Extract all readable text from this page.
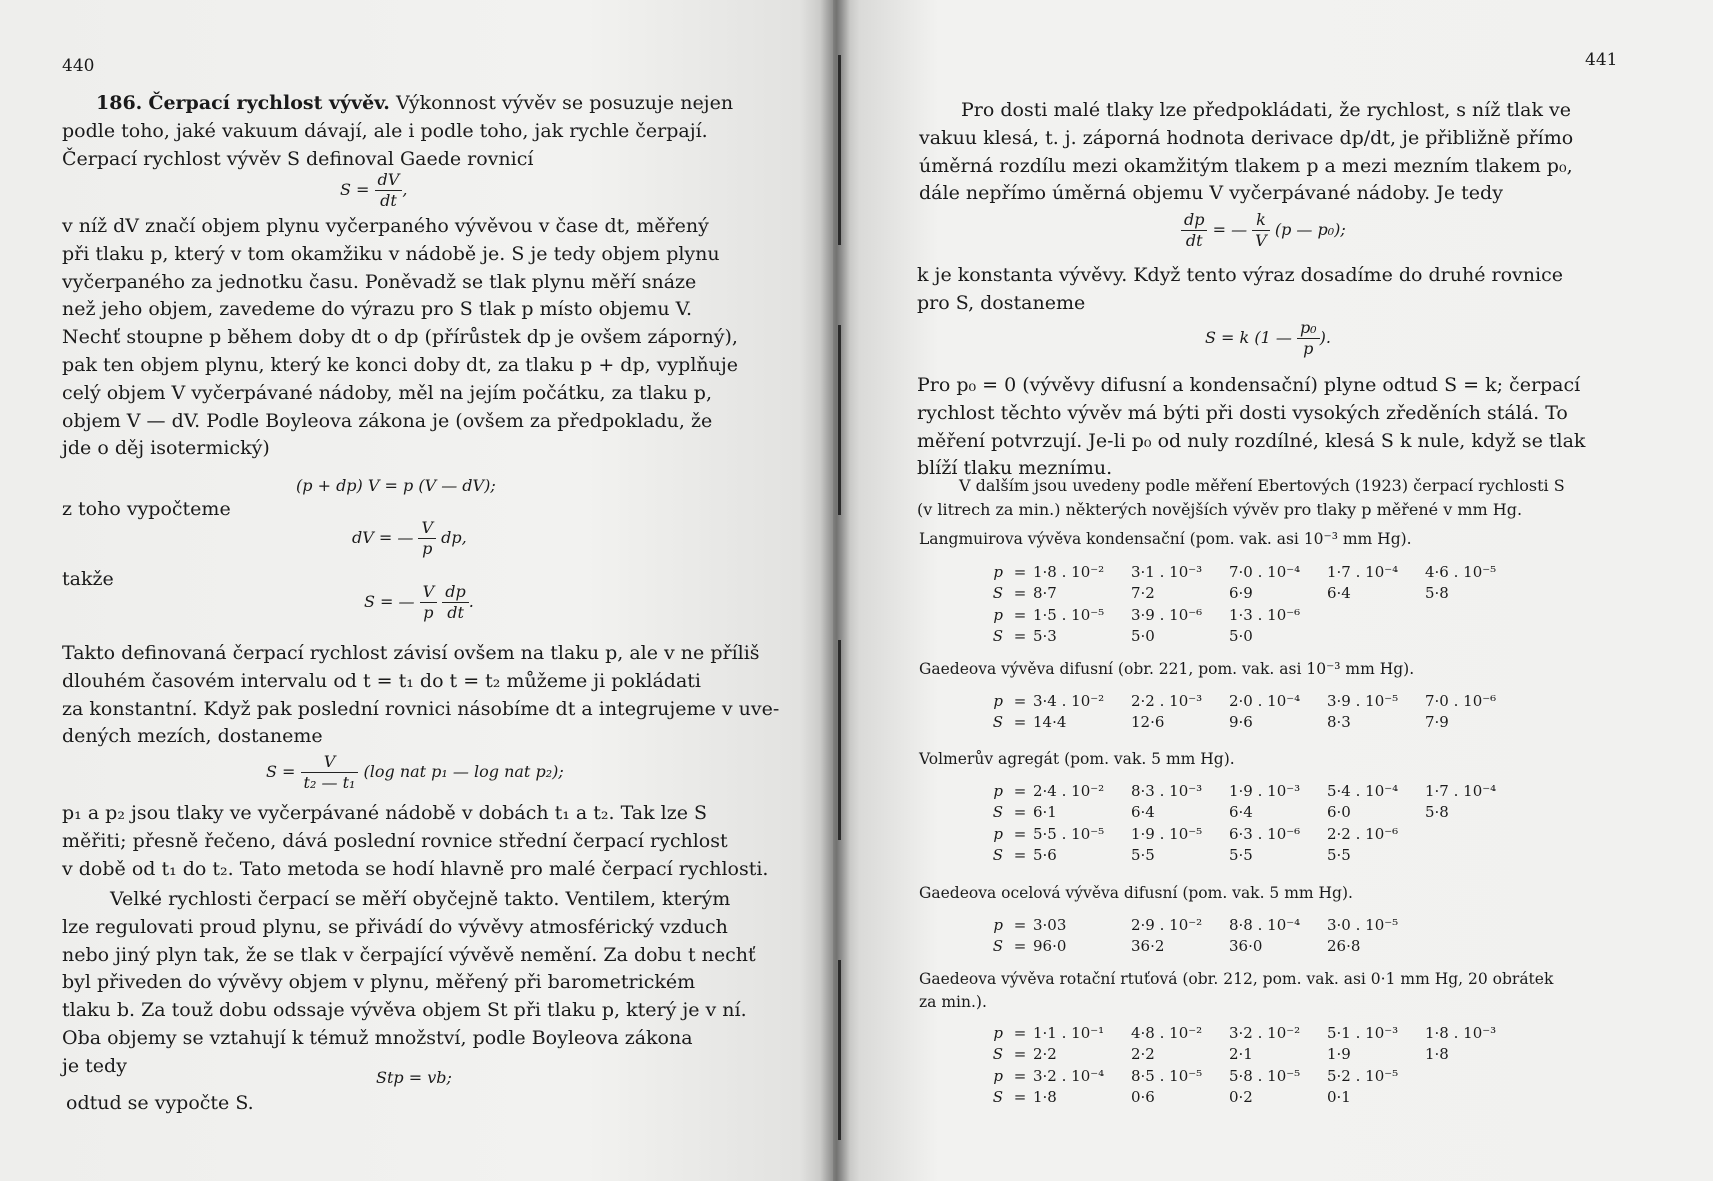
440
186. Čerpací rychlost vývěv. Výkonnost vývěv se posuzuje nejen
podle toho, jaké vakuum dávají, ale i podle toho, jak rychle čerpají.
Čerpací rychlost vývěv S definoval Gaede rovnicí
$S = \frac{dV}{dt}$ ,
v níž dV značí objem plynu vyčerpaného vývěvou v čase dt, měřený
při tlaku p, který v tom okamžiku v nádobě je. S je tedy objem plynu
vyčerpaného za jednotku času. Poněvadž se tlak plynu měří snáze
než jeho objem, zavedeme do výrazu pro S tlak p místo objemu V.
Nechť stoupne p během doby dt o dp (přírůstek dp je ovšem záporný),
pak ten objem plynu, který ke konci doby dt, za tlaku p + dp, vyplňuje
celý objem V vyčerpávané nádoby, měl na jejím počátku, za tlaku p,
objem V — dV. Podle Boyleova zákona je (ovšem za předpokladu, že
jde o děj isotermický)
(p + dp) V = p (V — dV);
z toho vypočteme
dV = — $\frac{V}{p}$ dp,
takže
S = — $\frac{V}{p}$
$\frac{dp}{dt}$ .
Takto definovaná čerpací rychlost závisí ovšem na tlaku p, ale v ne příliš
dlouhém časovém intervalu od t = t₁ do t = t₂ můžeme ji pokládati
za konstantní. Když pak poslední rovnici násobíme dt a integrujeme v uve-
dených mezích, dostaneme
$S = \frac{V}{\text{t₂ — t₁}} (\log$ nat p₁ — log nat p₂);
p₁ a p₂ jsou tlaky ve vyčerpávané nádobě v dobách t₁ a t₂. Tak lze S
měřiti; přesně řečeno, dává poslední rovnice střední čerpací rychlost
v době od t₁ do t₂. Tato metoda se hodí hlavně pro malé čerpací rychlosti.
Velké rychlosti čerpací se měří obyčejně takto. Ventilem, kterým
lze regulovati proud plynu, se přivádí do vývěvy atmosférický vzduch
nebo jiný plyn tak, že se tlak v čerpající vývěvě nemění. Za dobu t nechť
byl přiveden do vývěvy objem v plynu, měřený při barometrickém
tlaku b. Za touž dobu odssaje vývěva objem St při tlaku p, který je v ní.
Oba objemy se vztahují k témuž množství, podle Boyleova zákona
je tedy
Stp = vb;
odtud se vypočte S.
441
Pro dosti malé tlaky lze předpokládati, že rychlost, s níž tlak ve
vakuu klesá, t. j. záporná hodnota derivace dp/dt, je přibližně přímo
úměrná rozdílu mezi okamžitým tlakem p a mezi mezním tlakem p₀,
dále nepřímo úměrná objemu V vyčerpávané nádoby. Je tedy
$\frac{dp}{dt}$ = — $\frac{k}{V} (p$ — p₀);
k je konstanta vývěvy. Když tento výraz dosadíme do druhé rovnice
pro S, dostaneme
S = k (1 — $\frac{\text{p₀}}{p}$ ).
Pro p₀ = 0 (vývěvy difusní a kondensační) plyne odtud S = k; čerpací
rychlost těchto vývěv má býti při dosti vysokých zředěních stálá. To
měření potvrzují. Je-li p₀ od nuly rozdílné, klesá S k nule, když se tlak
blíží tlaku meznímu.
V dalším jsou uvedeny podle měření Ebertových (1923) čerpací rychlosti S
(v litrech za min.) některých novějších vývěv pro tlaky p měřené v mm Hg.
Langmuirova vývěva kondensační (pom. vak. asi 10⁻³ mm Hg).
p	=	1·8 . 10⁻²	3·1 . 10⁻³	7·0 . 10⁻⁴	1·7 . 10⁻⁴	4·6 . 10⁻⁵
S	=	8·7	7·2	6·9	6·4	5·8
p	=	1·5 . 10⁻⁵	3·9 . 10⁻⁶	1·3 . 10⁻⁶		
S	=	5·3	5·0	5·0		
Gaedeova vývěva difusní (obr. 221, pom. vak. asi 10⁻³ mm Hg).
p	=	3·4 . 10⁻²	2·2 . 10⁻³	2·0 . 10⁻⁴	3·9 . 10⁻⁵	7·0 . 10⁻⁶
S	=	14·4	12·6	9·6	8·3	7·9
Volmerův agregát (pom. vak. 5 mm Hg).
p	=	2·4 . 10⁻²	8·3 . 10⁻³	1·9 . 10⁻³	5·4 . 10⁻⁴	1·7 . 10⁻⁴
S	=	6·1	6·4	6·4	6·0	5·8
p	=	5·5 . 10⁻⁵	1·9 . 10⁻⁵	6·3 . 10⁻⁶	2·2 . 10⁻⁶	
S	=	5·6	5·5	5·5	5·5	
Gaedeova ocelová vývěva difusní (pom. vak. 5 mm Hg).
p	=	3·03	2·9 . 10⁻²	8·8 . 10⁻⁴	3·0 . 10⁻⁵	
S	=	96·0	36·2	36·0	26·8	
Gaedeova vývěva rotační rtuťová (obr. 212, pom. vak. asi 0·1 mm Hg, 20 obrátek
za min.).
p	=	1·1 . 10⁻¹	4·8 . 10⁻²	3·2 . 10⁻²	5·1 . 10⁻³	1·8 . 10⁻³
S	=	2·2	2·2	2·1	1·9	1·8
p	=	3·2 . 10⁻⁴	8·5 . 10⁻⁵	5·8 . 10⁻⁵	5·2 . 10⁻⁵	
S	=	1·8	0·6	0·2	0·1	
